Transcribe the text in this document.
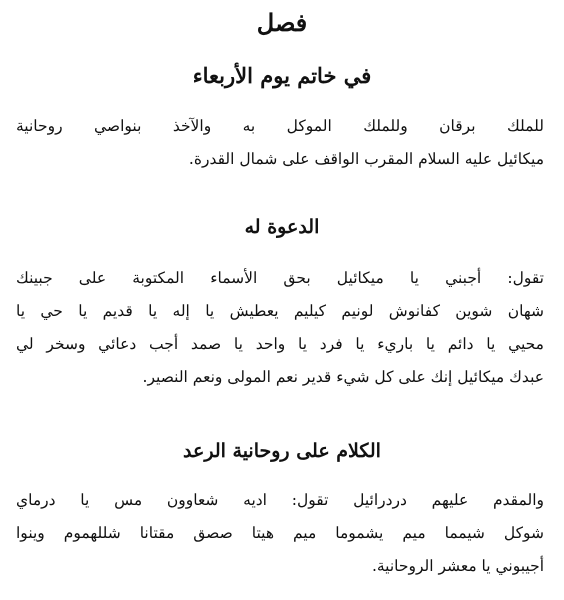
فصل
في خاتم يوم الأربعاء
للملك برقان وللملك الموكل به والآخذ بنواصي روحانية
ميكائيل عليه السلام المقرب الواقف على شمال القدرة.
الدعوة له
تقول: أجبني يا ميكائيل بحق الأسماء المكتوبة على جبينك
شهان شوين كفانوش لونيم كيليم يعطيش يا إله يا قديم يا حي يا
محيي يا دائم يا باريء يا فرد يا واحد يا صمد أجب دعائي وسخر لي
عبدك ميكائيل إنك على كل شيء قدير نعم المولى ونعم النصير.
الكلام على روحانية الرعد
والمقدم عليهم دردرائيل تقول: اديه شعاوون مس يا درماي
شوكل شيمما ميم يشموما ميم هيتا صصق مقتانا شللهموم وينوا
أجيبوني يا معشر الروحانية.
